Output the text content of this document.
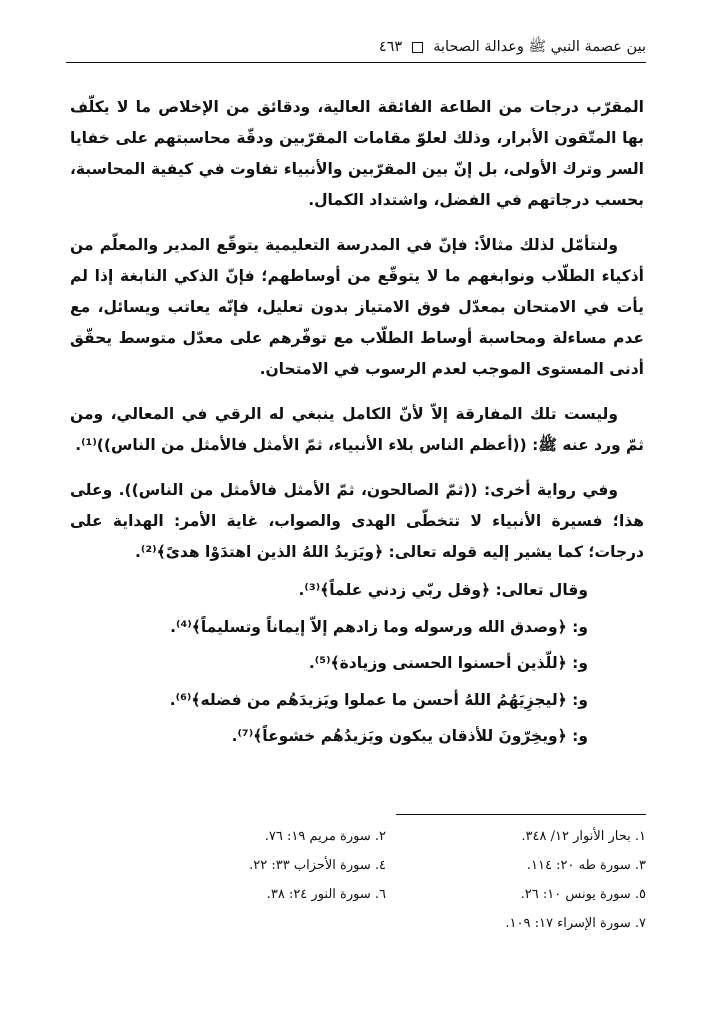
بين عصمة النبي ﷺ وعدالة الصحابة
٤٦٣

المقرّب درجات من الطاعة الفائقة العالية، ودقائق من الإخلاص ما لا يكلّف بها المتّقون الأبرار، وذلك لعلوّ مقامات المقرّبين ودقّة محاسبتهم على خفايا السر وترك الأولى، بل إنّ بين المقرّبين والأنبياء تفاوت في كيفية المحاسبة، بحسب درجاتهم في الفضل، واشتداد الكمال.

ولنتأمّل لذلك مثالاً: فإنّ في المدرسة التعليمية يتوقّع المدير والمعلّم من أذكياء الطلّاب ونوابغهم ما لا يتوقّع من أوساطهم؛ فإنّ الذكي النابغة إذا لم يأت في الامتحان بمعدّل فوق الامتياز بدون تعليل، فإنّه يعاتب ويسائل، مع عدم مساءلة ومحاسبة أوساط الطلّاب مع توفّرهم على معدّل متوسط يحقّق أدنى المستوى الموجب لعدم الرسوب في الامتحان.

وليست تلك المفارقة إلاّ لأنّ الكامل ينبغي له الرقي في المعالي، ومن ثمّ ورد عنه ﷺ: ((أعظم الناس بلاء الأنبياء، ثمّ الأمثل فالأمثل من الناس))⁽¹⁾.

وفي رواية أخرى: ((ثمّ الصالحون، ثمّ الأمثل فالأمثل من الناس)). وعلى هذا؛ فسيرة الأنبياء لا تتخطّى الهدى والصواب، غاية الأمر: الهداية على درجات؛ كما يشير إليه قوله تعالى: ﴿ويَزيدُ اللهُ الذين اهتدَوْا هدىً﴾⁽²⁾.

وقال تعالى: ﴿وقل ربّي زدني علماً﴾⁽³⁾.
و: ﴿وصدق الله ورسوله وما زادهم إلاّ إيماناً وتسليماً﴾⁽⁴⁾.
و: ﴿للّذين أحسنوا الحسنى وزيادة﴾⁽⁵⁾.
و: ﴿ليجزِيَهُمُ اللهُ أحسن ما عملوا ويَزيدَهُم من فضله﴾⁽⁶⁾.
و: ﴿ويخِرّونَ للأذقان يبكون ويَزيدُهُم خشوعاً﴾⁽⁷⁾.
١. بحار الأنوار ١٢/ ٣٤٨.
٢. سورة مريم ١٩: ٧٦.
٣. سورة طه ٢٠: ١١٤.
٤. سورة الأحزاب ٣٣: ٢٢.
٥. سورة يونس ١٠: ٢٦.
٦. سورة النور ٢٤: ٣٨.
٧. سورة الإسراء ١٧: ١٠٩.
